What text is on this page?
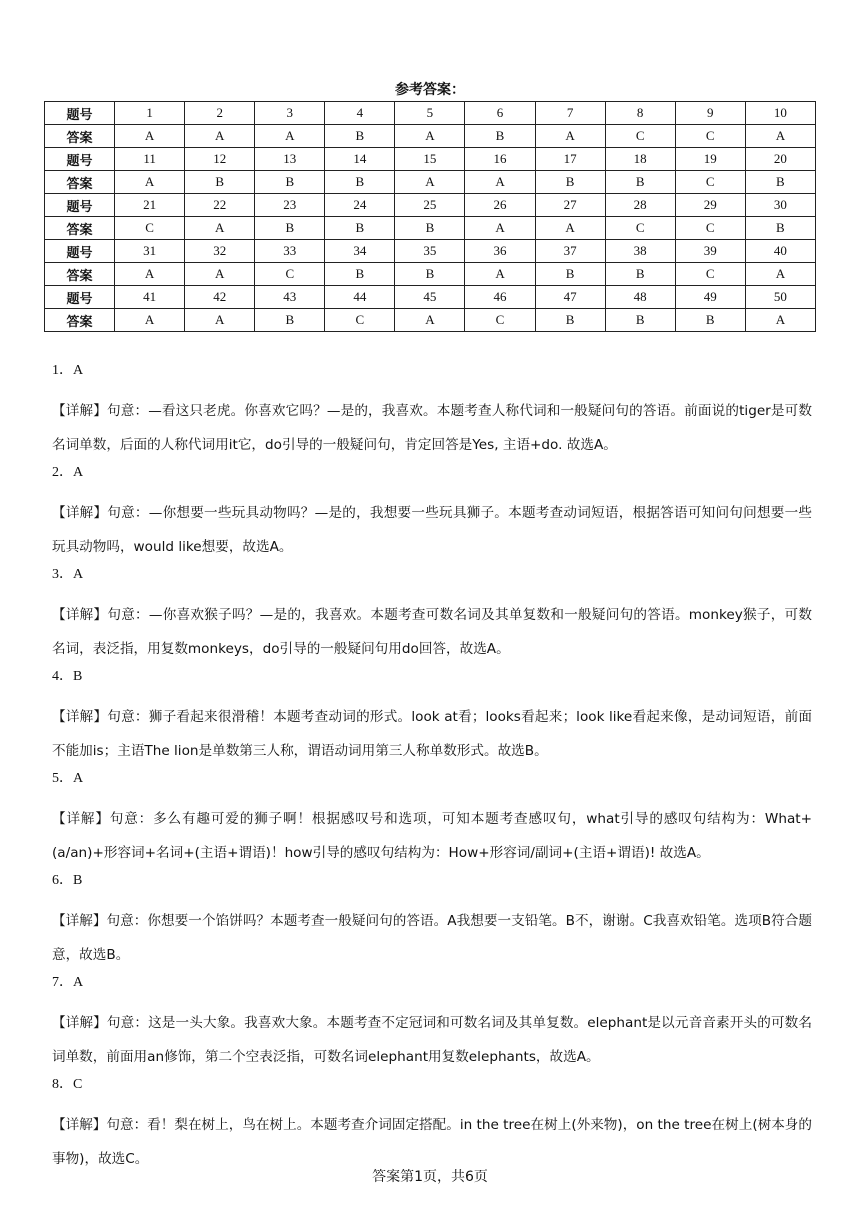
参考答案：
题号	1	2	3	4	5	6	7	8	9	10
答案	A	A	A	B	A	B	A	C	C	A
题号	11	12	13	14	15	16	17	18	19	20
答案	A	B	B	B	A	A	B	B	C	B
题号	21	22	23	24	25	26	27	28	29	30
答案	C	A	B	B	B	A	A	C	C	B
题号	31	32	33	34	35	36	37	38	39	40
答案	A	A	C	B	B	A	B	B	C	A
题号	41	42	43	44	45	46	47	48	49	50
答案	A	A	B	C	A	C	B	B	B	A
1．A
【详解】句意：—看这只老虎。你喜欢它吗？—是的，我喜欢。本题考查人称代词和一般疑问句的答语。前面说的tiger是可数名词单数，后面的人称代词用it它，do引导的一般疑问句，肯定回答是Yes, 主语+do. 故选A。
2．A
【详解】句意：—你想要一些玩具动物吗？—是的，我想要一些玩具狮子。本题考查动词短语，根据答语可知问句问想要一些玩具动物吗，would like想要，故选A。
3．A
【详解】句意：—你喜欢猴子吗？—是的，我喜欢。本题考查可数名词及其单复数和一般疑问句的答语。monkey猴子，可数名词，表泛指，用复数monkeys，do引导的一般疑问句用do回答，故选A。
4．B
【详解】句意：狮子看起来很滑稽！本题考查动词的形式。look at看；looks看起来；look like看起来像，是动词短语，前面不能加is；主语The lion是单数第三人称，谓语动词用第三人称单数形式。故选B。
5．A
【详解】句意：多么有趣可爱的狮子啊！根据感叹号和选项，可知本题考查感叹句，what引导的感叹句结构为：What+(a/an)+形容词+名词+(主语+谓语)！how引导的感叹句结构为：How+形容词/副词+(主语+谓语)! 故选A。
6．B
【详解】句意：你想要一个馅饼吗？本题考查一般疑问句的答语。A我想要一支铅笔。B不，谢谢。C我喜欢铅笔。选项B符合题意，故选B。
7．A
【详解】句意：这是一头大象。我喜欢大象。本题考查不定冠词和可数名词及其单复数。elephant是以元音音素开头的可数名词单数，前面用an修饰，第二个空表泛指，可数名词elephant用复数elephants，故选A。
8．C
【详解】句意：看！梨在树上，鸟在树上。本题考查介词固定搭配。in the tree在树上(外来物)，on the tree在树上(树本身的事物)，故选C。
答案第1页，共6页
